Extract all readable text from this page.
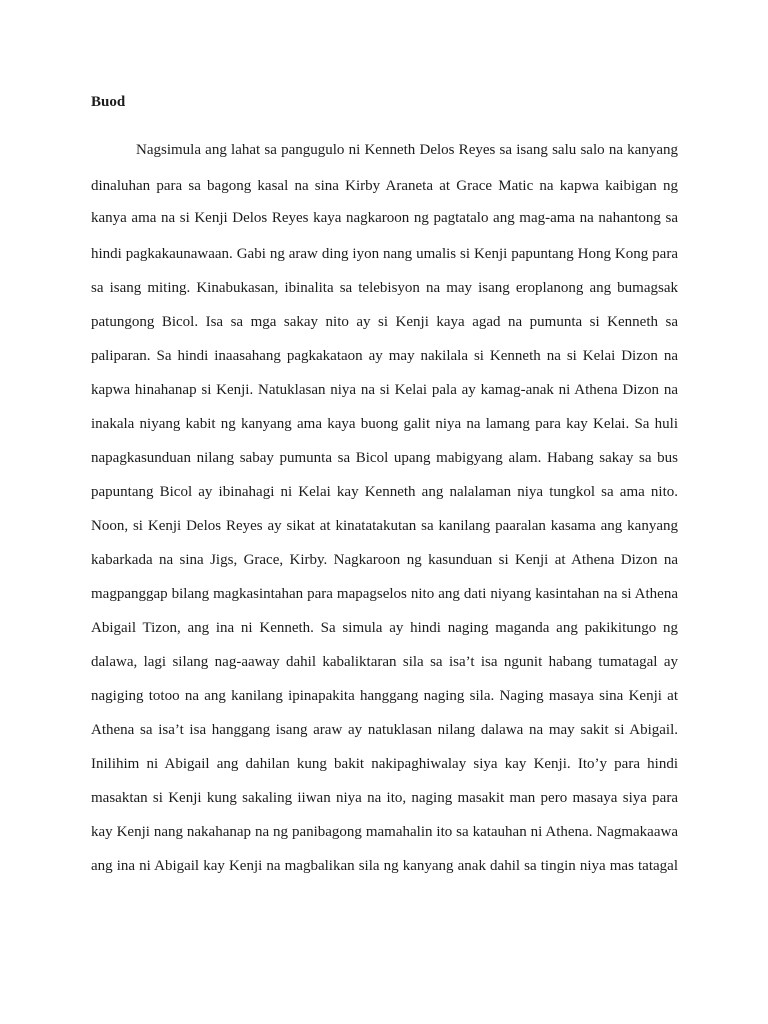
Buod
Nagsimula ang lahat sa pangugulo ni Kenneth Delos Reyes sa isang salu salo na kanyang
dinaluhan para sa bagong kasal na sina Kirby Araneta at Grace Matic na kapwa kaibigan ng
kanya ama na si Kenji Delos Reyes kaya nagkaroon ng pagtatalo ang mag-ama na nahantong sa
hindi pagkakaunawaan. Gabi ng araw ding iyon nang umalis si Kenji papuntang Hong Kong para
sa isang miting. Kinabukasan, ibinalita sa telebisyon na may isang eroplanong ang bumagsak
patungong Bicol. Isa sa mga sakay nito ay si Kenji kaya agad na pumunta si Kenneth sa
paliparan. Sa hindi inaasahang pagkakataon ay may nakilala si Kenneth na si Kelai Dizon na
kapwa hinahanap si Kenji. Natuklasan niya na si Kelai pala ay kamag-anak ni Athena Dizon na
inakala niyang kabit ng kanyang ama kaya buong galit niya na lamang para kay Kelai. Sa huli
napagkasunduan nilang sabay pumunta sa Bicol upang mabigyang alam. Habang sakay sa bus
papuntang Bicol ay ibinahagi ni Kelai kay Kenneth ang nalalaman niya tungkol sa ama nito.
Noon, si Kenji Delos Reyes ay sikat at kinatatakutan sa kanilang paaralan kasama ang kanyang
kabarkada na sina Jigs, Grace, Kirby. Nagkaroon ng kasunduan si Kenji at Athena Dizon na
magpanggap bilang magkasintahan para mapagselos nito ang dati niyang kasintahan na si Athena
Abigail Tizon, ang ina ni Kenneth. Sa simula ay hindi naging maganda ang pakikitungo ng
dalawa, lagi silang nag-aaway dahil kabaliktaran sila sa isa’t isa ngunit habang tumatagal ay
nagiging totoo na ang kanilang ipinapakita hanggang naging sila. Naging masaya sina Kenji at
Athena sa isa’t isa hanggang isang araw ay natuklasan nilang dalawa na may sakit si Abigail.
Inilihim ni Abigail ang dahilan kung bakit nakipaghiwalay siya kay Kenji. Ito’y para hindi
masaktan si Kenji kung sakaling iiwan niya na ito, naging masakit man pero masaya siya para
kay Kenji nang nakahanap na ng panibagong mamahalin ito sa katauhan ni Athena. Nagmakaawa
ang ina ni Abigail kay Kenji na magbalikan sila ng kanyang anak dahil sa tingin niya mas tatagal
